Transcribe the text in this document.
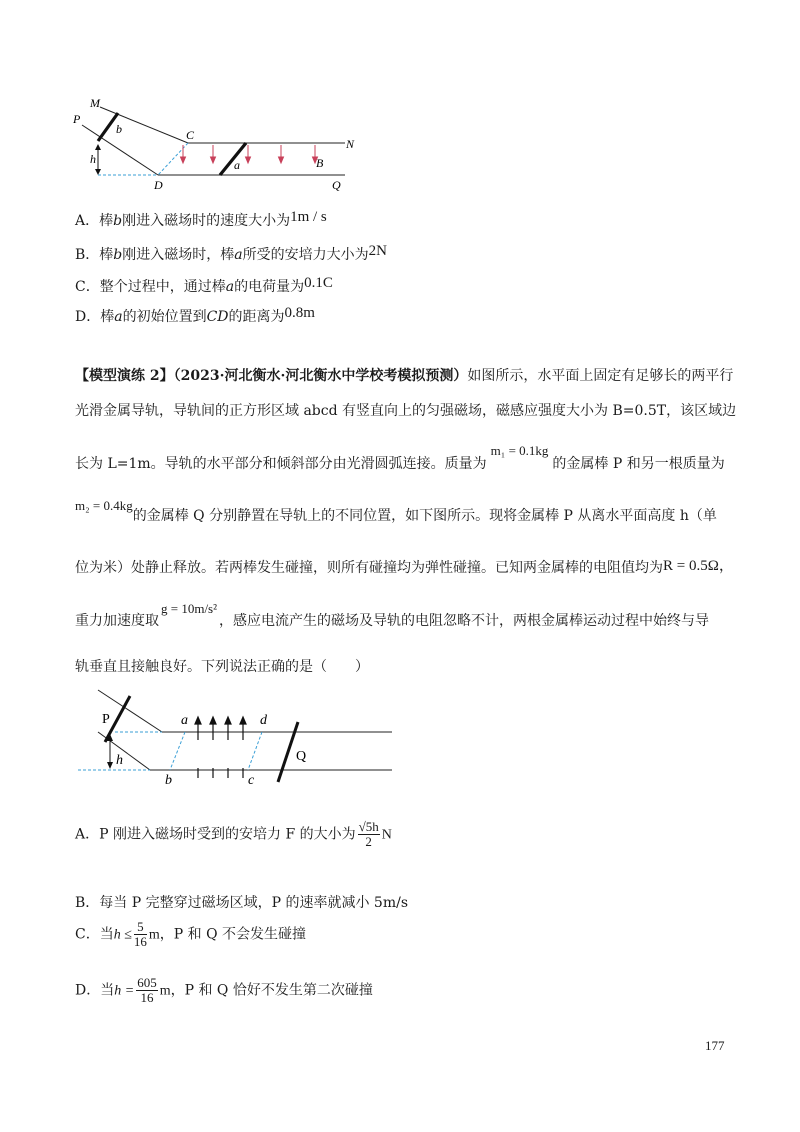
M
P
b
h
C
N
a	B
D	Q
A．棒b刚进入磁场时的速度大小为1m / s
B．棒b刚进入磁场时，棒a所受的安培力大小为2N
C．整个过程中，通过棒a的电荷量为0.1C
D．棒a的初始位置到CD的距离为0.8m
【模型演练 2】（2023·河北衡水·河北衡水中学校考模拟预测）如图所示，水平面上固定有足够长的两平行
光滑金属导轨，导轨间的正方形区域 abcd 有竖直向上的匀强磁场，磁感应强度大小为 B=0.5T，该区域边
长为 L=1m。导轨的水平部分和倾斜部分由光滑圆弧连接。质量为m₁ = 0.1kg的金属棒 P 和另一根质量为
m₂ = 0.4kg的金属棒 Q 分别静置在导轨上的不同位置，如下图所示。现将金属棒 P 从离水平面高度 h（单
位为米）处静止释放。若两棒发生碰撞，则所有碰撞均为弹性碰撞。已知两金属棒的电阻值均为R = 0.5Ω，
重力加速度取g = 10m/s²，感应电流产生的磁场及导轨的电阻忽略不计，两根金属棒运动过程中始终与导
轨垂直且接触良好。下列说法正确的是（　　）
P	a	d
h	Q
b	c
A．P 刚进入磁场时受到的安培力 F 的大小为 $\frac{√5h}{2}$ N
B．每当 P 完整穿过磁场区域，P 的速率就减小 5m/s
C．当$h \le \frac{5}{16}$ m，P 和 Q 不会发生碰撞
D．当$h = \frac{605}{16}$ m，P 和 Q 恰好不发生第二次碰撞
177
